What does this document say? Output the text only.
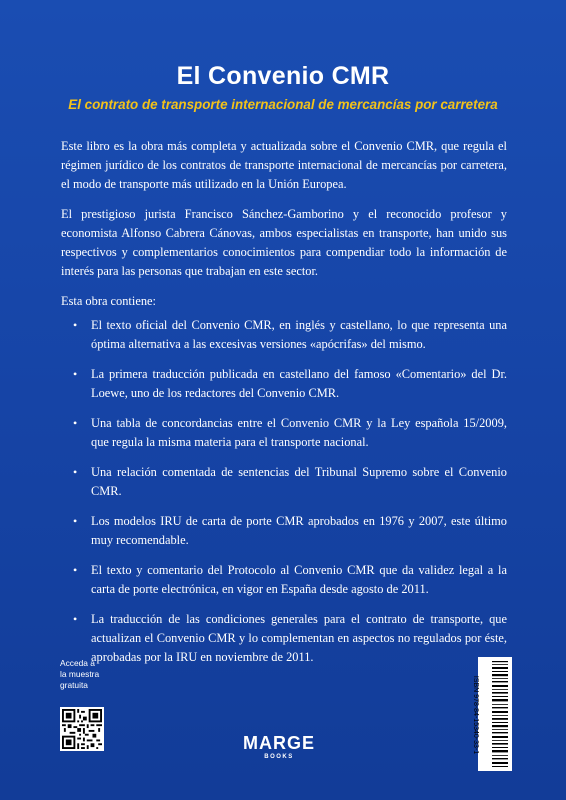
El Convenio CMR
El contrato de transporte internacional de mercancías por carretera

Este libro es la obra más completa y actualizada sobre el Convenio CMR, que regula el régimen jurídico de los contratos de transporte internacional de mercancías por carretera, el modo de transporte más utilizado en la Unión Europea.

El prestigioso jurista Francisco Sánchez-Gamborino y el reconocido profesor y economista Alfonso Cabrera Cánovas, ambos especialistas en transporte, han unido sus respectivos y complementarios conocimientos para compendiar todo la información de interés para las personas que trabajan en este sector.

Esta obra contiene:

• El texto oficial del Convenio CMR, en inglés y castellano, lo que representa una óptima alternativa a las excesivas versiones «apócrifas» del mismo.
• La primera traducción publicada en castellano del famoso «Comentario» del Dr. Loewe, uno de los redactores del Convenio CMR.
• Una tabla de concordancias entre el Convenio CMR y la Ley española 15/2009, que regula la misma materia para el transporte nacional.
• Una relación comentada de sentencias del Tribunal Supremo sobre el Convenio CMR.
• Los modelos IRU de carta de porte CMR aprobados en 1976 y 2007, este último muy recomendable.
• El texto y comentario del Protocolo al Convenio CMR que da validez legal a la carta de porte electrónica, en vigor en España desde agosto de 2011.
• La traducción de las condiciones generales para el contrato de transporte, que actualizan el Convenio CMR y lo complementan en aspectos no regulados por éste, aprobadas por la IRU en noviembre de 2011.
Acceda a
la muestra
gratuita
MARGE
BOOKS
ISBN 978-84-15340-33-1
